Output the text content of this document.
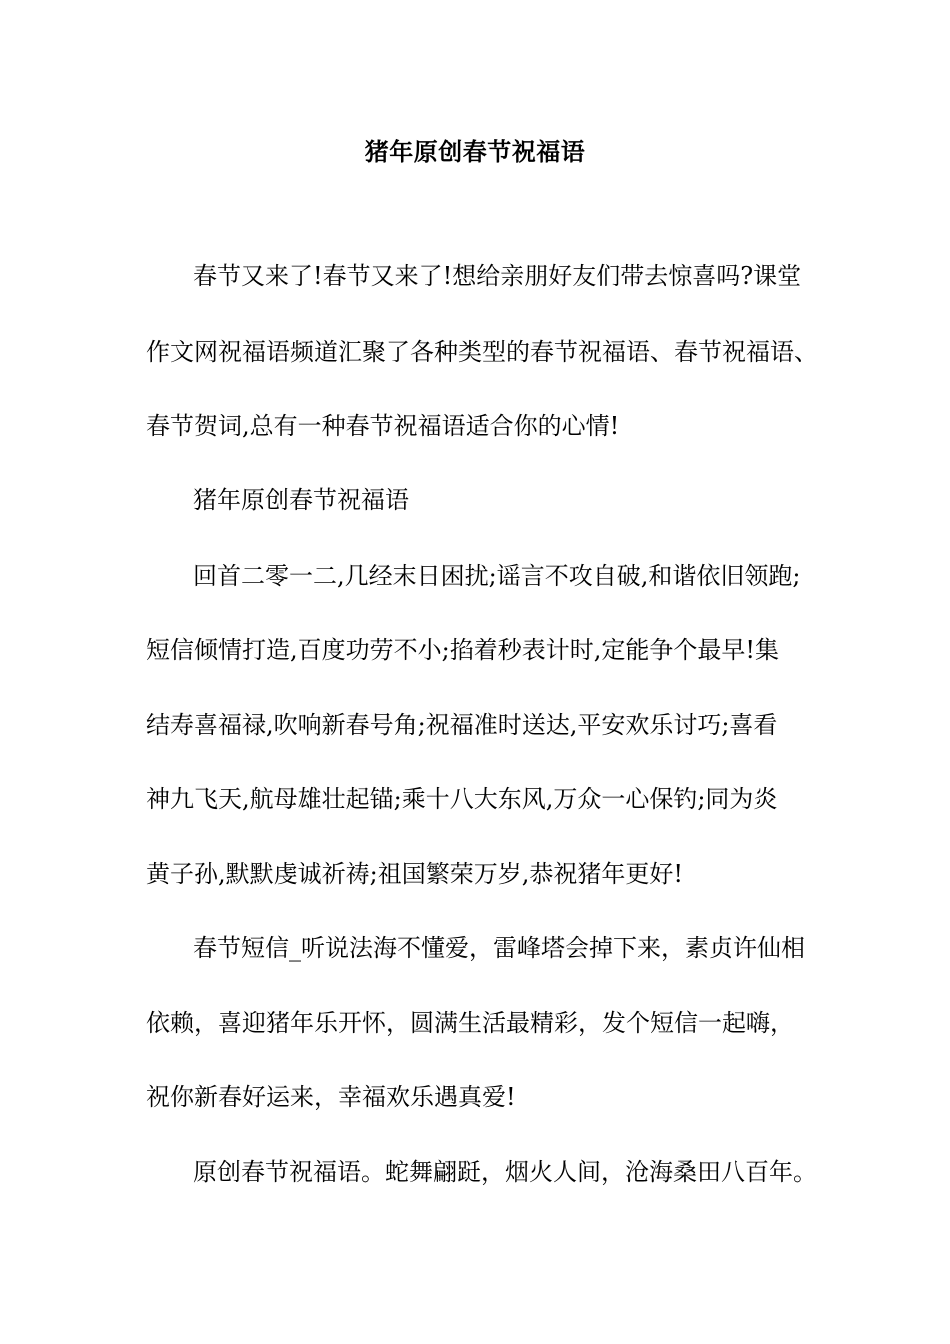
猪年原创春节祝福语
春节又来了!春节又来了!想给亲朋好友们带去惊喜吗?课堂
作文网祝福语频道汇聚了各种类型的春节祝福语、春节祝福语、
春节贺词,总有一种春节祝福语适合你的心情!
猪年原创春节祝福语
回首二零一二,几经末日困扰;谣言不攻自破,和谐依旧领跑;
短信倾情打造,百度功劳不小;掐着秒表计时,定能争个最早!集
结寿喜福禄,吹响新春号角;祝福准时送达,平安欢乐讨巧;喜看
神九飞天,航母雄壮起锚;乘十八大东风,万众一心保钓;同为炎
黄子孙,默默虔诚祈祷;祖国繁荣万岁,恭祝猪年更好!
春节短信_听说法海不懂爱，雷峰塔会掉下来，素贞许仙相
依赖，喜迎猪年乐开怀，圆满生活最精彩，发个短信一起嗨，
祝你新春好运来，幸福欢乐遇真爱!
原创春节祝福语。蛇舞翩跹，烟火人间，沧海桑田八百年。
